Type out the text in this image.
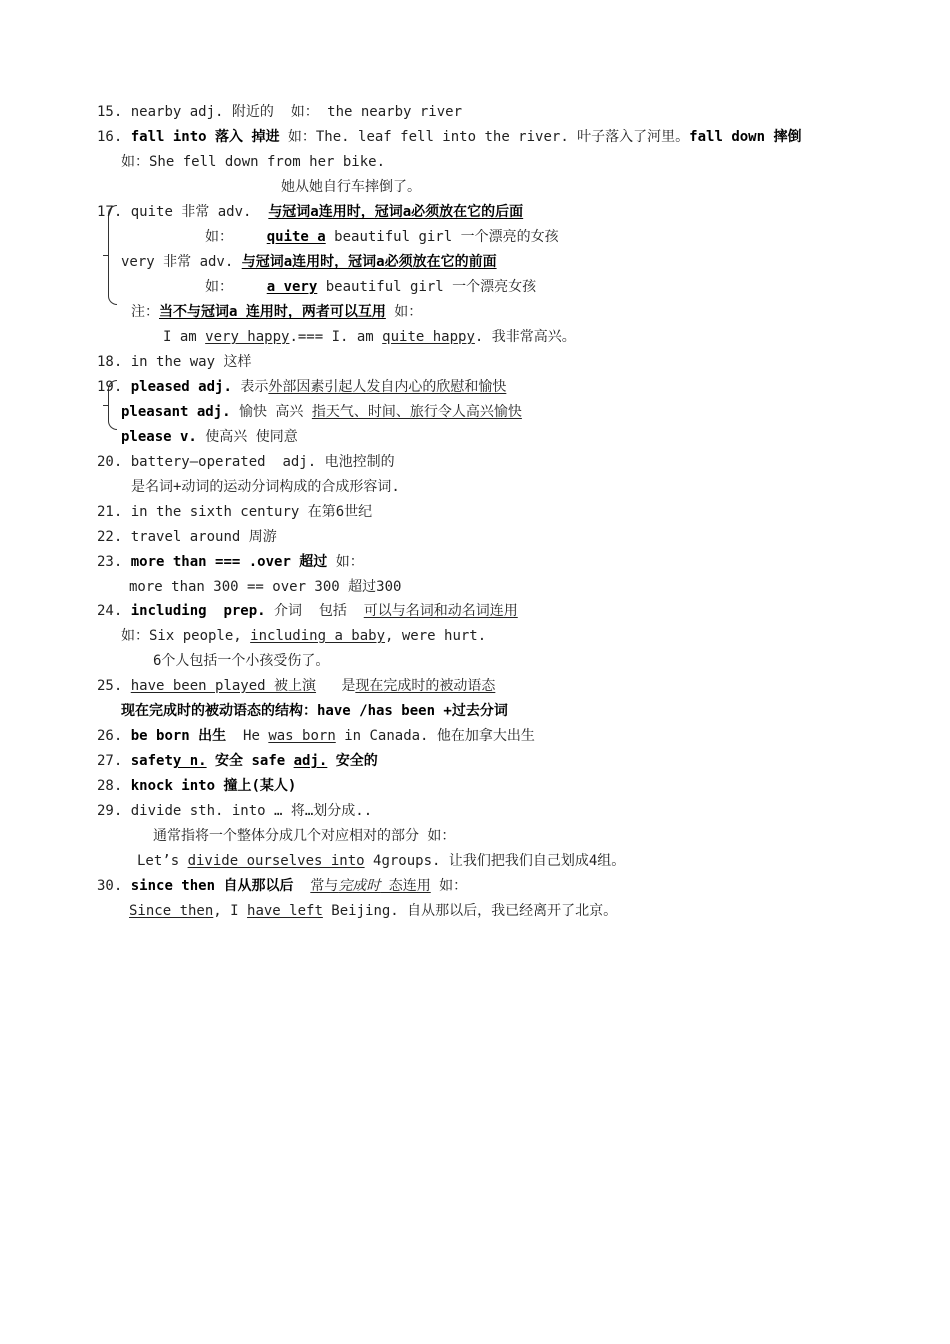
15. nearby adj. 附近的  如： the nearby river
16. fall into 落入 掉进 如：The. leaf fell into the river. 叶子落入了河里。fall down 摔倒
如：She fell down from her bike.
她从她自行车摔倒了。
17. quite 非常 adv.  与冠词a连用时，冠词a必须放在它的后面
如：    quite a beautiful girl 一个漂亮的女孩
very 非常 adv. 与冠词a连用时，冠词a必须放在它的前面
如：    a very beautiful girl 一个漂亮女孩
注：当不与冠词a 连用时，两者可以互用 如：
I am very happy.=== I. am quite happy. 我非常高兴。
18. in the way 这样
19. pleased adj. 表示外部因素引起人发自内心的欣慰和愉快
pleasant adj. 愉快 高兴 指天气、时间、旅行令人高兴愉快
please v. 使高兴 使同意
20. battery—operated  adj. 电池控制的
是名词+动词的运动分词构成的合成形容词.
21. in the sixth century 在第6世纪
22. travel around 周游
23. more than === .over 超过 如：
more than 300 == over 300 超过300
24. including  prep. 介词  包括  可以与名词和动名词连用
如：Six people, including a baby, were hurt.
6个人包括一个小孩受伤了。
25. have been played 被上演   是现在完成时的被动语态
现在完成时的被动语态的结构：have /has been +过去分词
26. be born 出生  He was born in Canada. 他在加拿大出生
27. safety n. 安全 safe adj. 安全的
28. knock into 撞上(某人)
29. divide sth. into … 将…划分成..
通常指将一个整体分成几个对应相对的部分 如：
Let’s divide ourselves into 4groups. 让我们把我们自己划成4组。
30. since then 自从那以后 常与完成时 态连用 如：
Since then, I have left Beijing. 自从那以后，我已经离开了北京。
